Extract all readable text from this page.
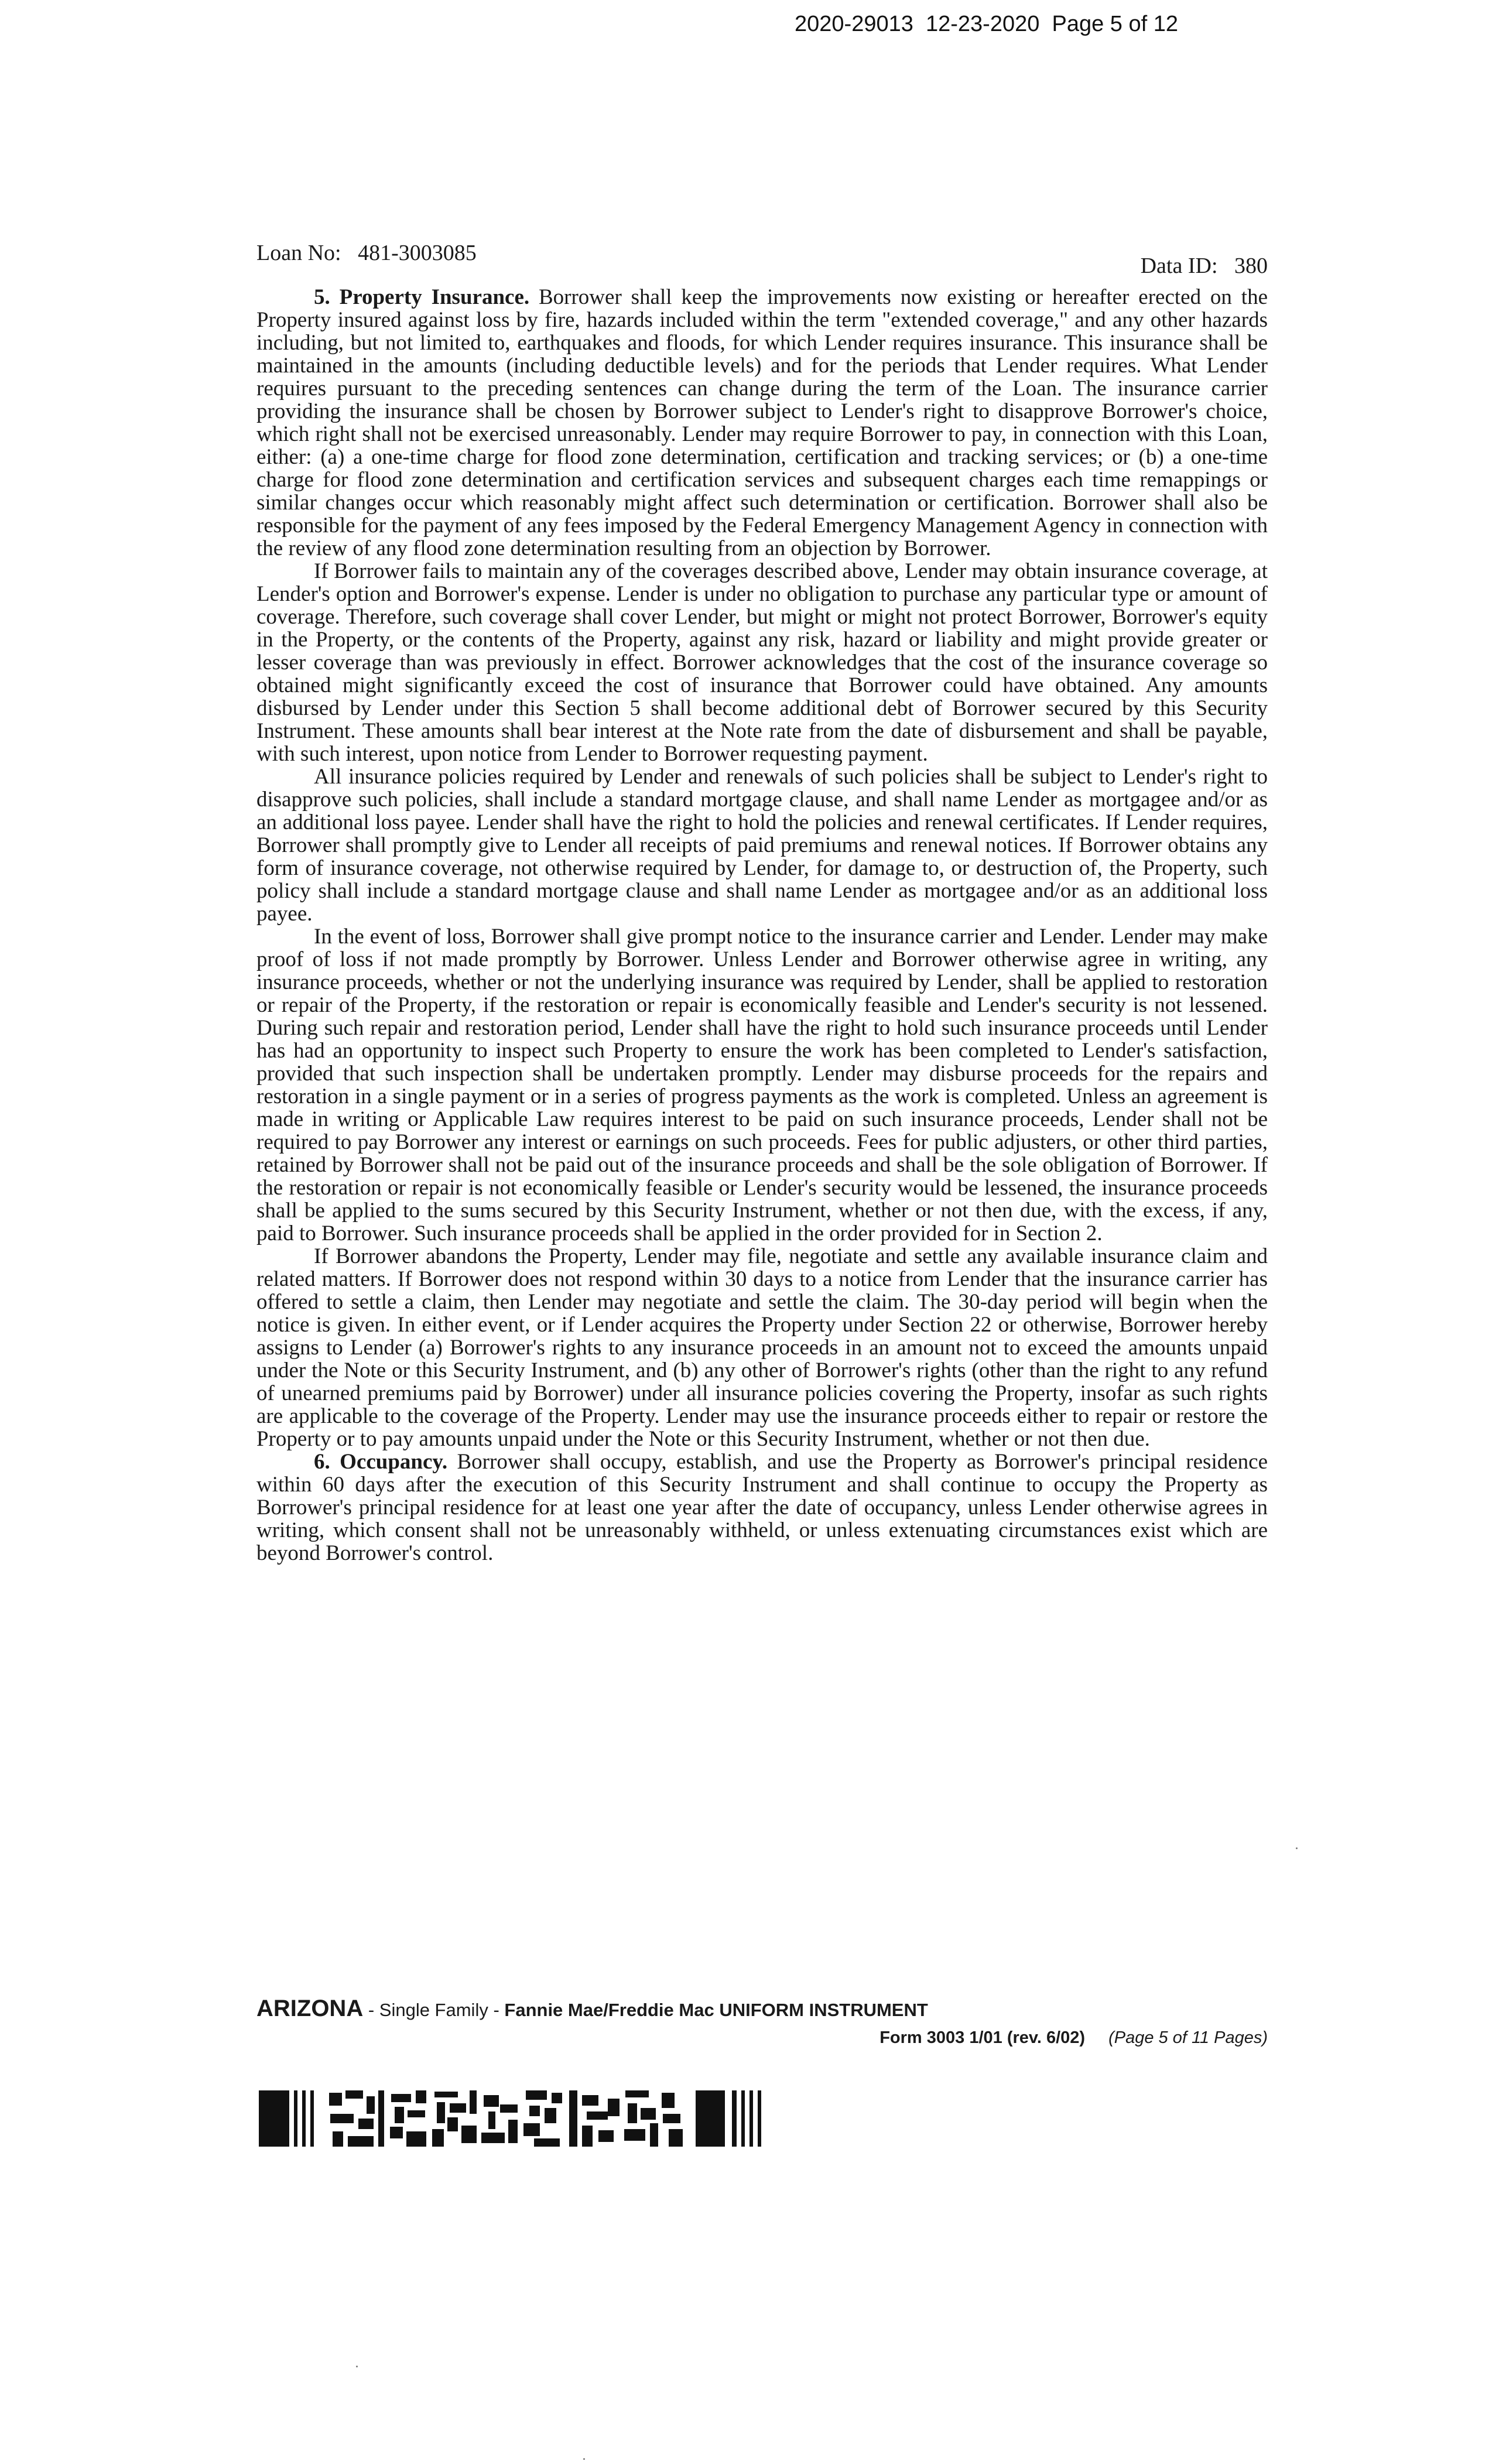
2020-29013  12-23-2020  Page 5 of 12
Loan No:   481-3003085
Data ID:   380

5. Property Insurance. Borrower shall keep the improvements now existing or hereafter erected on the Property insured against loss by fire, hazards included within the term "extended coverage," and any other hazards including, but not limited to, earthquakes and floods, for which Lender requires insurance. This insurance shall be maintained in the amounts (including deductible levels) and for the periods that Lender requires. What Lender requires pursuant to the preceding sentences can change during the term of the Loan. The insurance carrier providing the insurance shall be chosen by Borrower subject to Lender's right to disapprove Borrower's choice, which right shall not be exercised unreasonably. Lender may require Borrower to pay, in connection with this Loan, either: (a) a one-time charge for flood zone determination, certification and tracking services; or (b) a one-time charge for flood zone determination and certification services and subsequent charges each time remappings or similar changes occur which reasonably might affect such determination or certification. Borrower shall also be responsible for the payment of any fees imposed by the Federal Emergency Management Agency in connection with the review of any flood zone determination resulting from an objection by Borrower.

If Borrower fails to maintain any of the coverages described above, Lender may obtain insurance coverage, at Lender's option and Borrower's expense. Lender is under no obligation to purchase any particular type or amount of coverage. Therefore, such coverage shall cover Lender, but might or might not protect Borrower, Borrower's equity in the Property, or the contents of the Property, against any risk, hazard or liability and might provide greater or lesser coverage than was previously in effect. Borrower acknowledges that the cost of the insurance coverage so obtained might significantly exceed the cost of insurance that Borrower could have obtained. Any amounts disbursed by Lender under this Section 5 shall become additional debt of Borrower secured by this Security Instrument. These amounts shall bear interest at the Note rate from the date of disbursement and shall be payable, with such interest, upon notice from Lender to Borrower requesting payment.

All insurance policies required by Lender and renewals of such policies shall be subject to Lender's right to disapprove such policies, shall include a standard mortgage clause, and shall name Lender as mortgagee and/or as an additional loss payee. Lender shall have the right to hold the policies and renewal certificates. If Lender requires, Borrower shall promptly give to Lender all receipts of paid premiums and renewal notices. If Borrower obtains any form of insurance coverage, not otherwise required by Lender, for damage to, or destruction of, the Property, such policy shall include a standard mortgage clause and shall name Lender as mortgagee and/or as an additional loss payee.

In the event of loss, Borrower shall give prompt notice to the insurance carrier and Lender. Lender may make proof of loss if not made promptly by Borrower. Unless Lender and Borrower otherwise agree in writing, any insurance proceeds, whether or not the underlying insurance was required by Lender, shall be applied to restoration or repair of the Property, if the restoration or repair is economically feasible and Lender's security is not lessened. During such repair and restoration period, Lender shall have the right to hold such insurance proceeds until Lender has had an opportunity to inspect such Property to ensure the work has been completed to Lender's satisfaction, provided that such inspection shall be undertaken promptly. Lender may disburse proceeds for the repairs and restoration in a single payment or in a series of progress payments as the work is completed. Unless an agreement is made in writing or Applicable Law requires interest to be paid on such insurance proceeds, Lender shall not be required to pay Borrower any interest or earnings on such proceeds. Fees for public adjusters, or other third parties, retained by Borrower shall not be paid out of the insurance proceeds and shall be the sole obligation of Borrower. If the restoration or repair is not economically feasible or Lender's security would be lessened, the insurance proceeds shall be applied to the sums secured by this Security Instrument, whether or not then due, with the excess, if any, paid to Borrower. Such insurance proceeds shall be applied in the order provided for in Section 2.

If Borrower abandons the Property, Lender may file, negotiate and settle any available insurance claim and related matters. If Borrower does not respond within 30 days to a notice from Lender that the insurance carrier has offered to settle a claim, then Lender may negotiate and settle the claim. The 30-day period will begin when the notice is given. In either event, or if Lender acquires the Property under Section 22 or otherwise, Borrower hereby assigns to Lender (a) Borrower's rights to any insurance proceeds in an amount not to exceed the amounts unpaid under the Note or this Security Instrument, and (b) any other of Borrower's rights (other than the right to any refund of unearned premiums paid by Borrower) under all insurance policies covering the Property, insofar as such rights are applicable to the coverage of the Property. Lender may use the insurance proceeds either to repair or restore the Property or to pay amounts unpaid under the Note or this Security Instrument, whether or not then due.

6. Occupancy. Borrower shall occupy, establish, and use the Property as Borrower's principal residence within 60 days after the execution of this Security Instrument and shall continue to occupy the Property as Borrower's principal residence for at least one year after the date of occupancy, unless Lender otherwise agrees in writing, which consent shall not be unreasonably withheld, or unless extenuating circumstances exist which are beyond Borrower's control.

ARIZONA - Single Family - Fannie Mae/Freddie Mac UNIFORM INSTRUMENT
Form 3003 1/01 (rev. 6/02) (Page 5 of 11 Pages)
